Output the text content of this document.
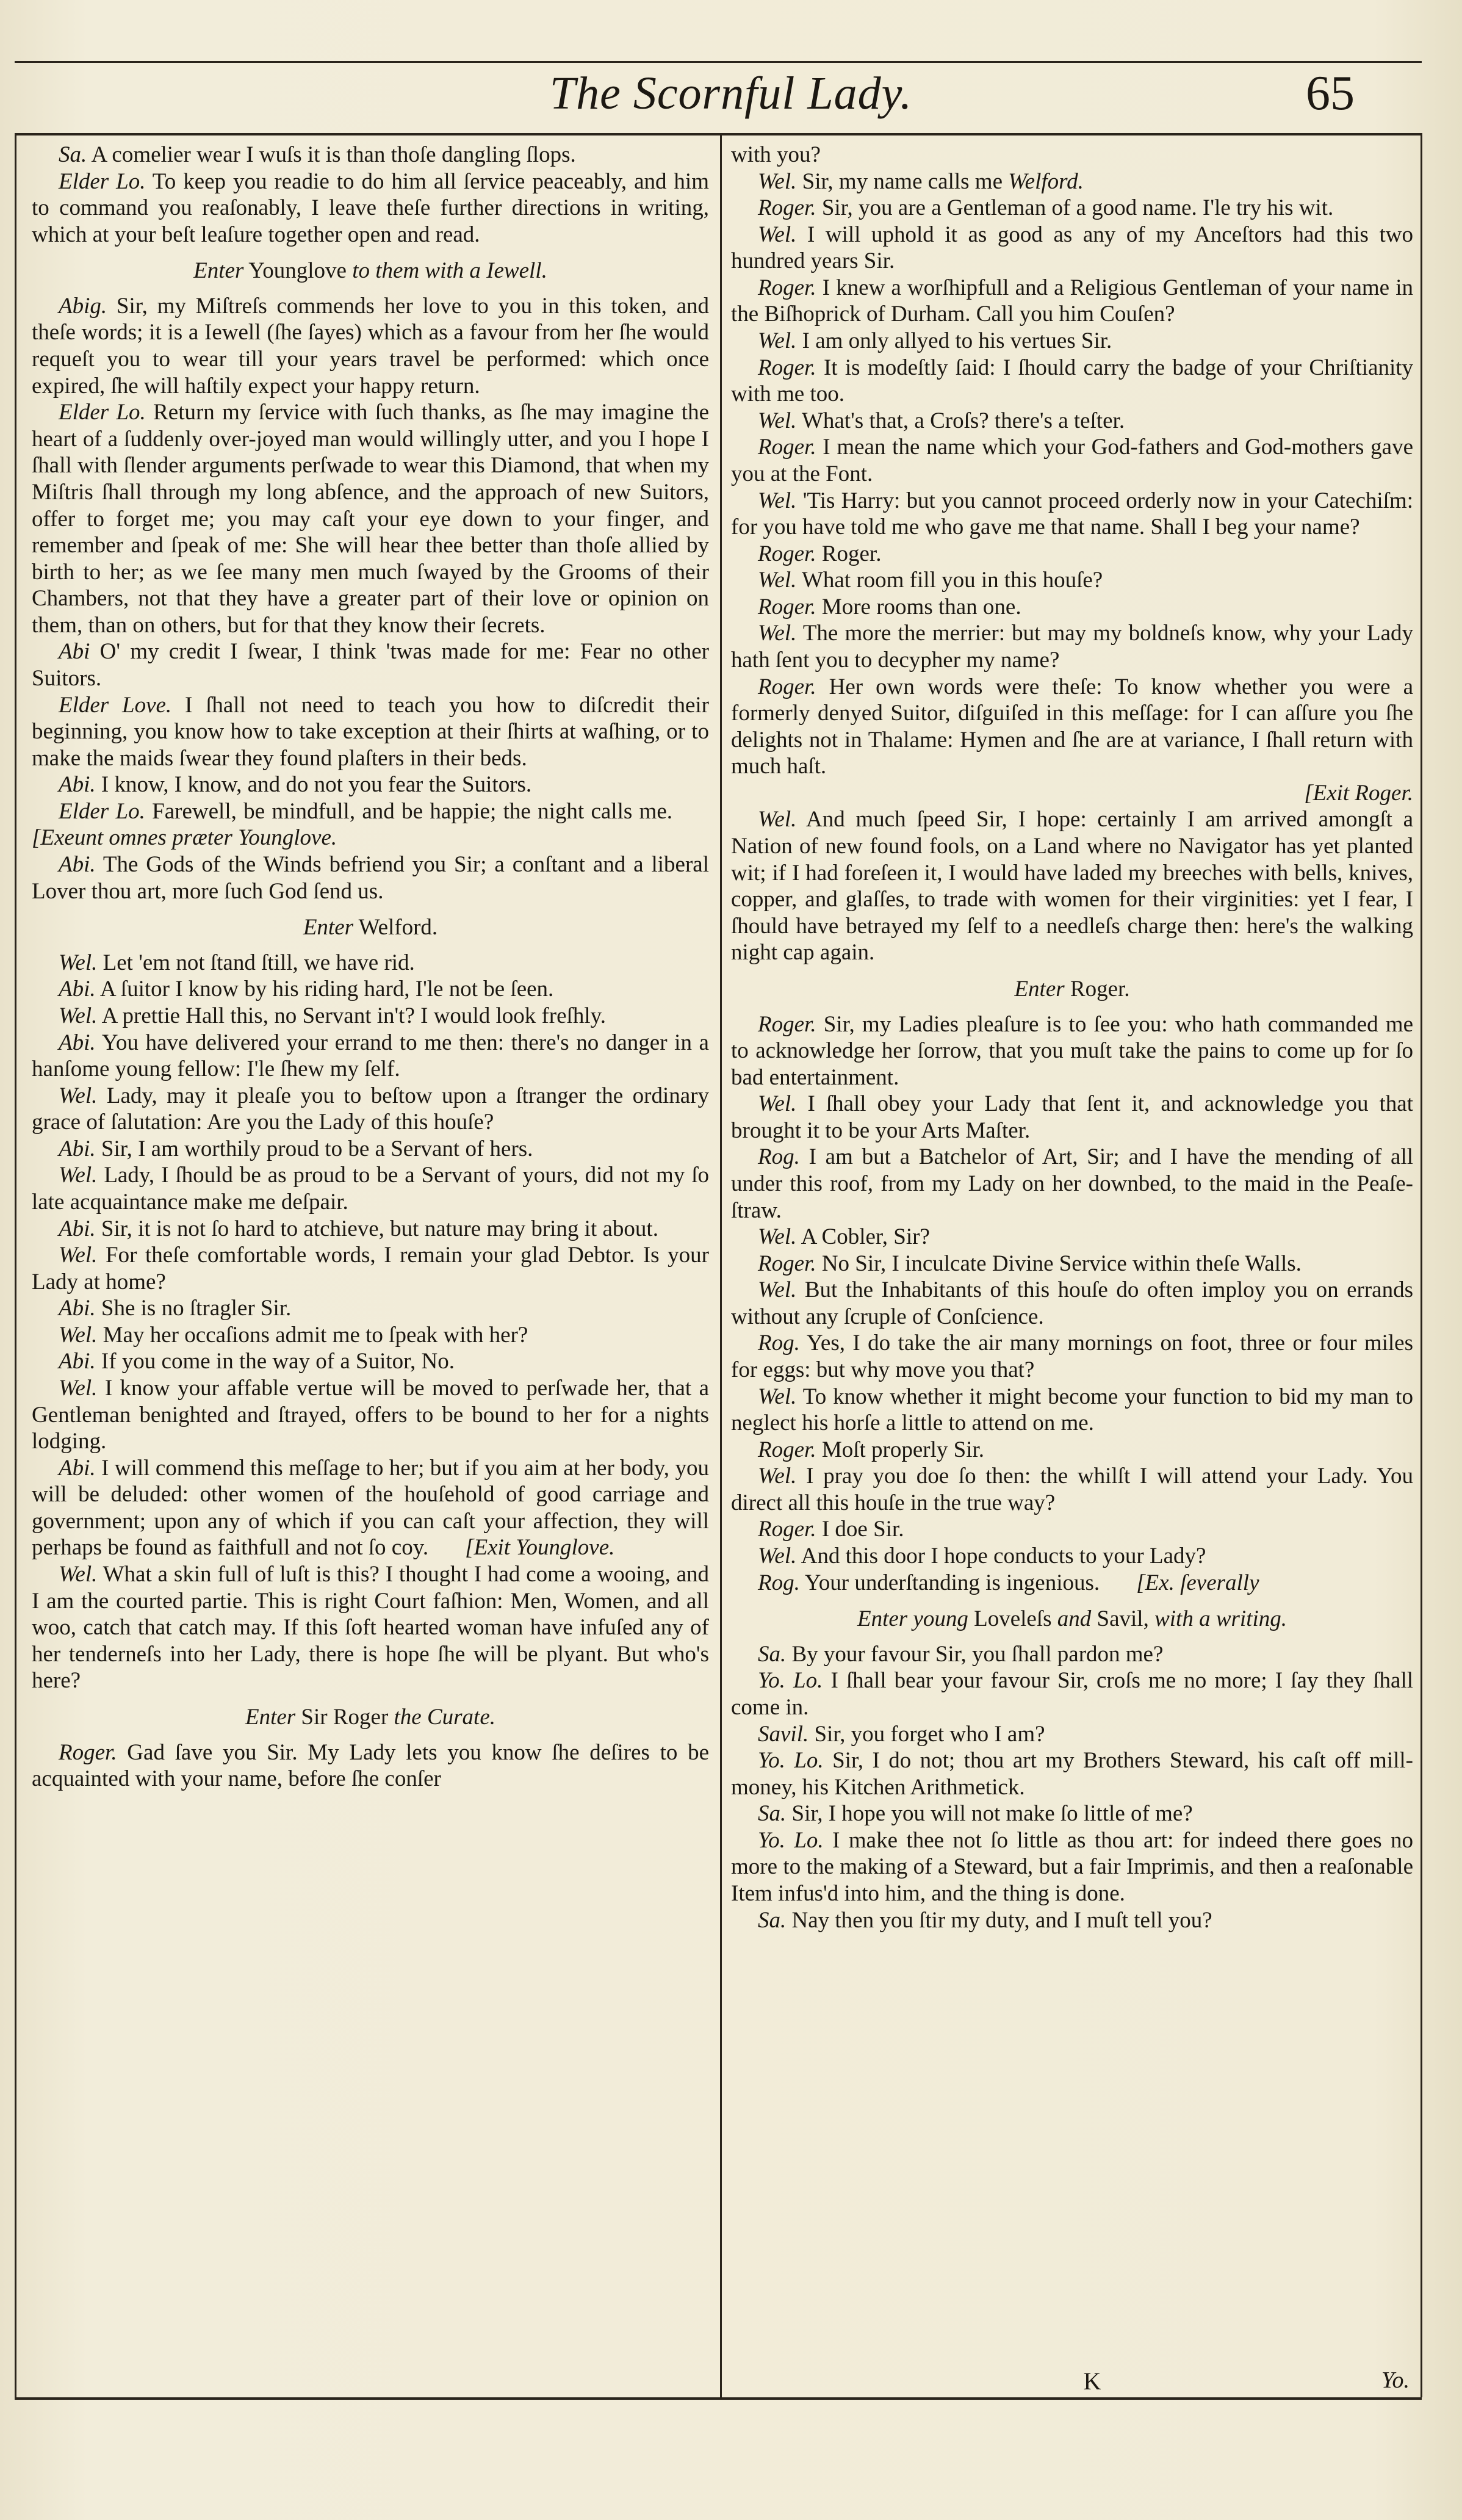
The Scornful Lady.	65

Sa. A comelier wear I wuſs it is than thoſe dangling ſlops.

Elder Lo. To keep you readie to do him all ſervice peaceably, and him to command you reaſonably, I leave theſe further directions in writing, which at your beſt leaſure together open and read.

Enter Younglove to them with a Iewell.

Abig. Sir, my Miſtreſs commends her love to you in this token, and theſe words; it is a Iewell (ſhe ſayes) which as a favour from her ſhe would requeſt you to wear till your years travel be performed: which once expired, ſhe will haſtily expect your happy return.

Elder Lo. Return my ſervice with ſuch thanks, as ſhe may imagine the heart of a ſuddenly over-joyed man would willingly utter, and you I hope I ſhall with ſlender arguments perſwade to wear this Diamond, that when my Miſtris ſhall through my long abſence, and the approach of new Suitors, offer to forget me; you may caſt your eye down to your finger, and remember and ſpeak of me: She will hear thee better than thoſe allied by birth to her; as we ſee many men much ſwayed by the Grooms of their Chambers, not that they have a greater part of their love or opinion on them, than on others, but for that they know their ſecrets.

Abi O' my credit I ſwear, I think 'twas made for me: Fear no other Suitors.

Elder Love. I ſhall not need to teach you how to diſcredit their beginning, you know how to take exception at their ſhirts at waſhing, or to make the maids ſwear they found plaſters in their beds.

Abi. I know, I know, and do not you fear the Suitors.

Elder Lo. Farewell, be mindfull, and be happie; the night calls me.[Exeunt omnes præter Younglove.

Abi. The Gods of the Winds befriend you Sir; a conſtant and a liberal Lover thou art, more ſuch God ſend us.

Enter Welford.

Wel. Let 'em not ſtand ſtill, we have rid.

Abi. A ſuitor I know by his riding hard, I'le not be ſeen.

Wel. A prettie Hall this, no Servant in't? I would look freſhly.

Abi. You have delivered your errand to me then: there's no danger in a hanſome young fellow: I'le ſhew my ſelf.

Wel. Lady, may it pleaſe you to beſtow upon a ſtranger the ordinary grace of ſalutation: Are you the Lady of this houſe?

Abi. Sir, I am worthily proud to be a Servant of hers.

Wel. Lady, I ſhould be as proud to be a Servant of yours, did not my ſo late acquaintance make me deſpair.

Abi. Sir, it is not ſo hard to atchieve, but nature may bring it about.

Wel. For theſe comfortable words, I remain your glad Debtor. Is your Lady at home?

Abi. She is no ſtragler Sir.

Wel. May her occaſions admit me to ſpeak with her?

Abi. If you come in the way of a Suitor, No.

Wel. I know your affable vertue will be moved to perſwade her, that a Gentleman benighted and ſtrayed, offers to be bound to her for a nights lodging.

Abi. I will commend this meſſage to her; but if you aim at her body, you will be deluded: other women of the houſehold of good carriage and government; upon any of which if you can caſt your affection, they will perhaps be found as faithfull and not ſo coy. [Exit Younglove.

Wel. What a skin full of luſt is this? I thought I had come a wooing, and I am the courted partie. This is right Court faſhion: Men, Women, and all woo, catch that catch may. If this ſoft hearted woman have infuſed any of her tenderneſs into her Lady, there is hope ſhe will be plyant. But who's here?

Enter Sir Roger the Curate.

Roger. Gad ſave you Sir. My Lady lets you know ſhe deſires to be acquainted with your name, before ſhe conſer

with you?

Wel. Sir, my name calls me Welford.

Roger. Sir, you are a Gentleman of a good name. I'le try his wit.

Wel. I will uphold it as good as any of my Anceſtors had this two hundred years Sir.

Roger. I knew a worſhipfull and a Religious Gentleman of your name in the Biſhoprick of Durham. Call you him Couſen?

Wel. I am only allyed to his vertues Sir.

Roger. It is modeſtly ſaid: I ſhould carry the badge of your Chriſtianity with me too.

Wel. What's that, a Croſs? there's a teſter.

Roger. I mean the name which your God-fathers and God-mothers gave you at the Font.

Wel. 'Tis Harry: but you cannot proceed orderly now in your Catechiſm: for you have told me who gave me that name. Shall I beg your name?

Roger. Roger.

Wel. What room fill you in this houſe?

Roger. More rooms than one.

Wel. The more the merrier: but may my boldneſs know, why your Lady hath ſent you to decypher my name?

Roger. Her own words were theſe: To know whether you were a formerly denyed Suitor, diſguiſed in this meſſage: for I can aſſure you ſhe delights not in Thalame: Hymen and ſhe are at variance, I ſhall return with much haſt.

[Exit Roger.

Wel. And much ſpeed Sir, I hope: certainly I am arrived amongſt a Nation of new found fools, on a Land where no Navigator has yet planted wit; if I had foreſeen it, I would have laded my breeches with bells, knives, copper, and glaſſes, to trade with women for their virginities: yet I fear, I ſhould have betrayed my ſelf to a needleſs charge then: here's the walking night cap again.

Enter Roger.

Roger. Sir, my Ladies pleaſure is to ſee you: who hath commanded me to acknowledge her ſorrow, that you muſt take the pains to come up for ſo bad entertainment.

Wel. I ſhall obey your Lady that ſent it, and acknowledge you that brought it to be your Arts Maſter.

Rog. I am but a Batchelor of Art, Sir; and I have the mending of all under this roof, from my Lady on her downbed, to the maid in the Peaſe-ſtraw.

Wel. A Cobler, Sir?

Roger. No Sir, I inculcate Divine Service within theſe Walls.

Wel. But the Inhabitants of this houſe do often imploy you on errands without any ſcruple of Conſcience.

Rog. Yes, I do take the air many mornings on foot, three or four miles for eggs: but why move you that?

Wel. To know whether it might become your function to bid my man to neglect his horſe a little to attend on me.

Roger. Moſt properly Sir.

Wel. I pray you doe ſo then: the whilſt I will attend your Lady. You direct all this houſe in the true way?

Roger. I doe Sir.

Wel. And this door I hope conducts to your Lady?

Rog. Your underſtanding is ingenious. [Ex. ſeverally

Enter young Loveleſs and Savil, with a writing.

Sa. By your favour Sir, you ſhall pardon me?

Yo. Lo. I ſhall bear your favour Sir, croſs me no more; I ſay they ſhall come in.

Savil. Sir, you forget who I am?

Yo. Lo. Sir, I do not; thou art my Brothers Steward, his caſt off mill-money, his Kitchen Arithmetick.

Sa. Sir, I hope you will not make ſo little of me?

Yo. Lo. I make thee not ſo little as thou art: for indeed there goes no more to the making of a Steward, but a fair Imprimis, and then a reaſonable Item infus'd into him, and the thing is done.

Sa. Nay then you ſtir my duty, and I muſt tell you?

K	Yo.
